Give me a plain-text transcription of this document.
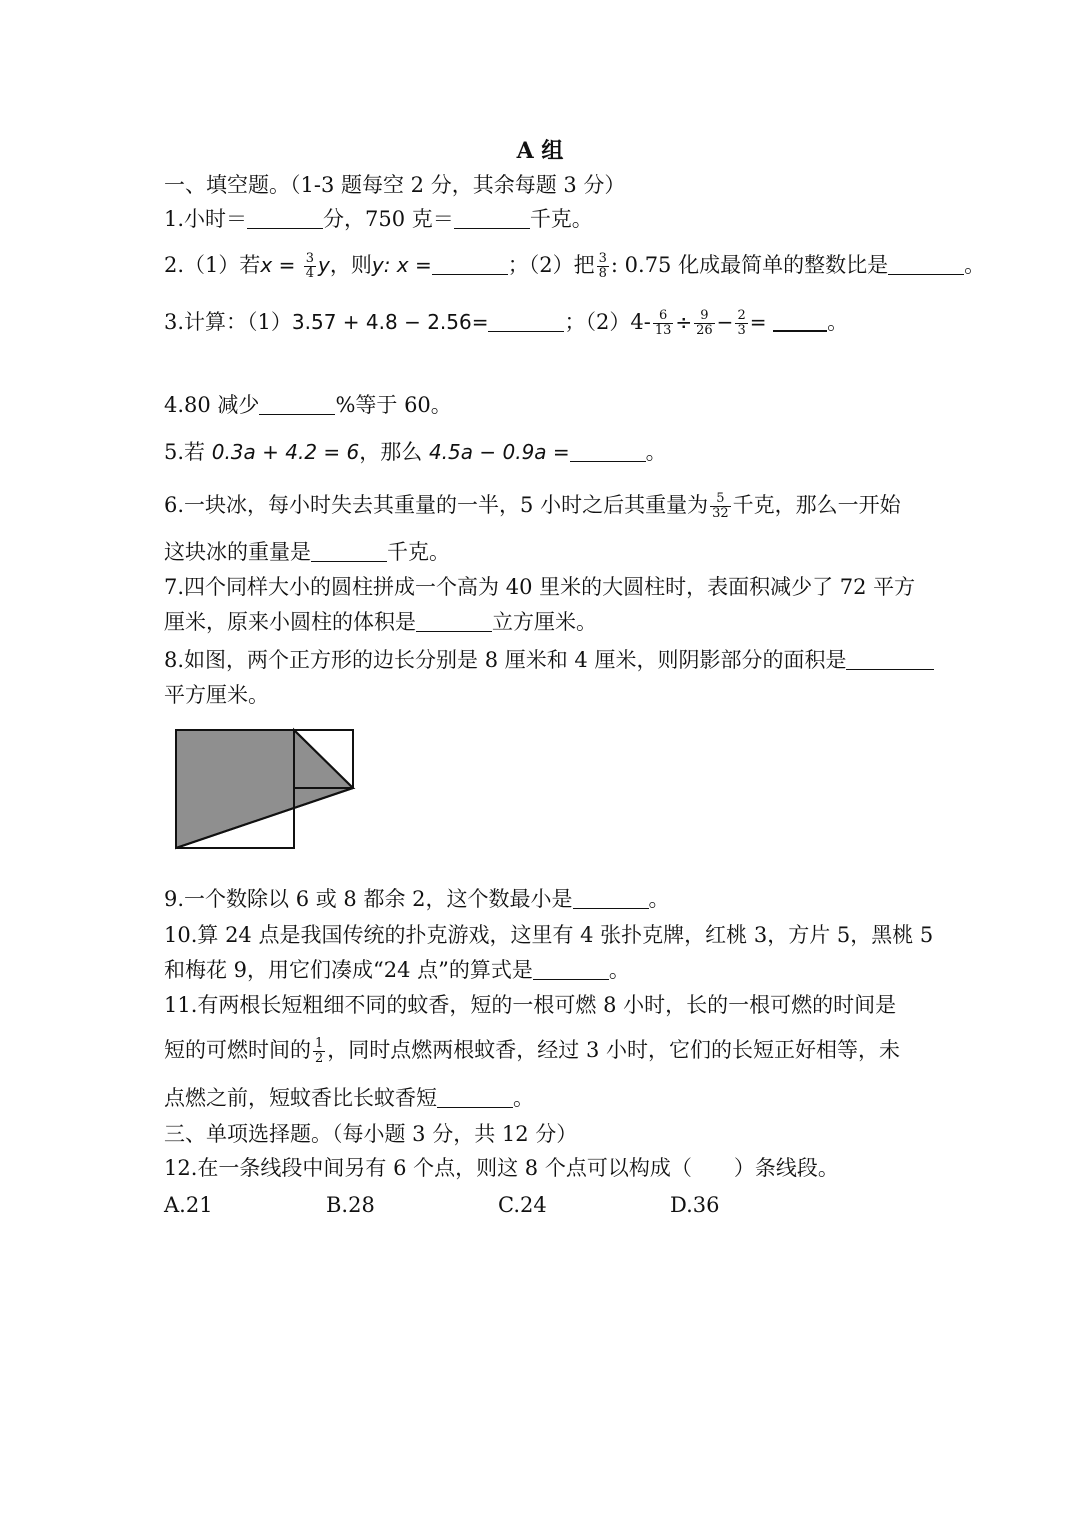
A 组
一、填空题。（1-3 题每空 2 分，其余每题 3 分）
1.小时＝	分，750 克＝	千克。
2.（1）若$x = \frac{3}{4}$ y，则y: x =	；（2）把 $\frac{3}{8}$ : 0.75 化成最简单的整数比是	。
3.计算：（1）3.57 + 4.8 − 2.56=	；$(2)4- \frac{6}{13} \div \frac{9}{26} - \frac{2}{3}$ =	。
4.80 减少	%等于 60。
5.若 0.3a + 4.2 = 6，那么 4.5a − 0.9a =	。
6.一块冰，每小时失去其重量的一半，5 小时之后其重量为 $\frac{5}{32}$ 千克，那么一开始
这块冰的重量是	千克。
7.四个同样大小的圆柱拼成一个高为 40 里米的大圆柱时，表面积减少了 72 平方
厘米，原来小圆柱的体积是	立方厘米。
8.如图，两个正方形的边长分别是 8 厘米和 4 厘米，则阴影部分的面积是
平方厘米。
9.一个数除以 6 或 8 都余 2，这个数最小是	。
10.算 24 点是我国传统的扑克游戏，这里有 4 张扑克牌，红桃 3，方片 5，黑桃 5
和梅花 9，用它们凑成“24 点”的算式是	。
11.有两根长短粗细不同的蚊香，短的一根可燃 8 小时，长的一根可燃的时间是
短的可燃时间的 $\frac{1}{2}$ ，同时点燃两根蚊香，经过 3 小时，它们的长短正好相等，未
点燃之前，短蚊香比长蚊香短	。
三、单项选择题。（每小题 3 分，共 12 分）
12.在一条线段中间另有 6 个点，则这 8 个点可以构成（　　）条线段。
A.21	B.28	C.24	D.36
